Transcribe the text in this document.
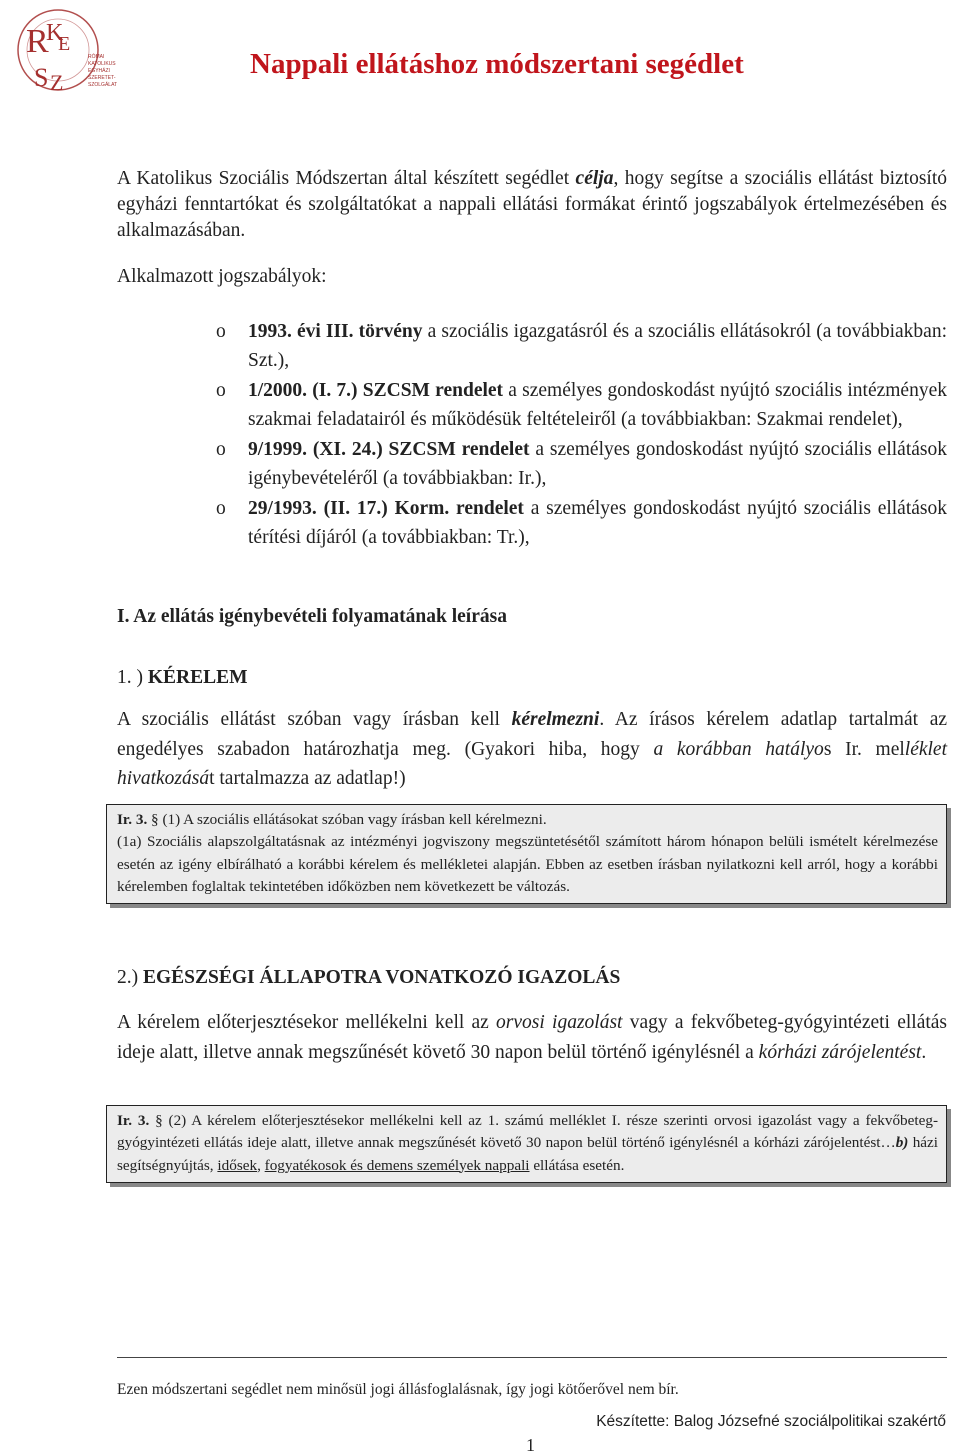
R
K
E
S Z
RÓMAI
KATOLIKUS
EGYHÁZI
SZERETET-
SZOLGÁLAT
Nappali ellátáshoz módszertani segédlet
A Katolikus Szociális Módszertan által készített segédlet célja, hogy segítse a szociális ellátást biztosító egyházi fenntartókat és szolgáltatókat a nappali ellátási formákat érintő jogszabályok értelmezésében és alkalmazásában.
Alkalmazott jogszabályok:
o 1993. évi III. törvény a szociális igazgatásról és a szociális ellátásokról (a továbbiakban: Szt.),
o 1/2000. (I. 7.) SZCSM rendelet a személyes gondoskodást nyújtó szociális intézmények szakmai feladatairól és működésük feltételeiről (a továbbiakban: Szakmai rendelet),
o 9/1999. (XI. 24.) SZCSM rendelet a személyes gondoskodást nyújtó szociális ellátások igénybevételéről (a továbbiakban: Ir.),
o 29/1993. (II. 17.) Korm. rendelet a személyes gondoskodást nyújtó szociális ellátások térítési díjáról (a továbbiakban: Tr.),
I. Az ellátás igénybevételi folyamatának leírása
1. ) KÉRELEM
A szociális ellátást szóban vagy írásban kell kérelmezni. Az írásos kérelem adatlap tartalmát az engedélyes szabadon határozhatja meg. (Gyakori hiba, hogy a korábban hatályos Ir. melléklet hivatkozását tartalmazza az adatlap!)
Ir. 3. § (1) A szociális ellátásokat szóban vagy írásban kell kérelmezni.
(1a) Szociális alapszolgáltatásnak az intézményi jogviszony megszüntetésétől számított három hónapon belüli ismételt kérelmezése esetén az igény elbírálható a korábbi kérelem és mellékletei alapján. Ebben az esetben írásban nyilatkozni kell arról, hogy a korábbi kérelemben foglaltak tekintetében időközben nem következett be változás.
2.) EGÉSZSÉGI ÁLLAPOTRA VONATKOZÓ IGAZOLÁS
A kérelem előterjesztésekor mellékelni kell az orvosi igazolást vagy a fekvőbeteg-gyógyintézeti ellátás ideje alatt, illetve annak megszűnését követő 30 napon belül történő igénylésnél a kórházi zárójelentést.
Ir. 3. § (2) A kérelem előterjesztésekor mellékelni kell az 1. számú melléklet I. része szerinti orvosi igazolást vagy a fekvőbeteg-gyógyintézeti ellátás ideje alatt, illetve annak megszűnését követő 30 napon belül történő igénylésnél a kórházi zárójelentést…b) házi segítségnyújtás, idősek, fogyatékosok és demens személyek nappali ellátása esetén.
Ezen módszertani segédlet nem minősül jogi állásfoglalásnak, így jogi kötőerővel nem bír.
Készítette: Balog Józsefné szociálpolitikai szakértő
1
